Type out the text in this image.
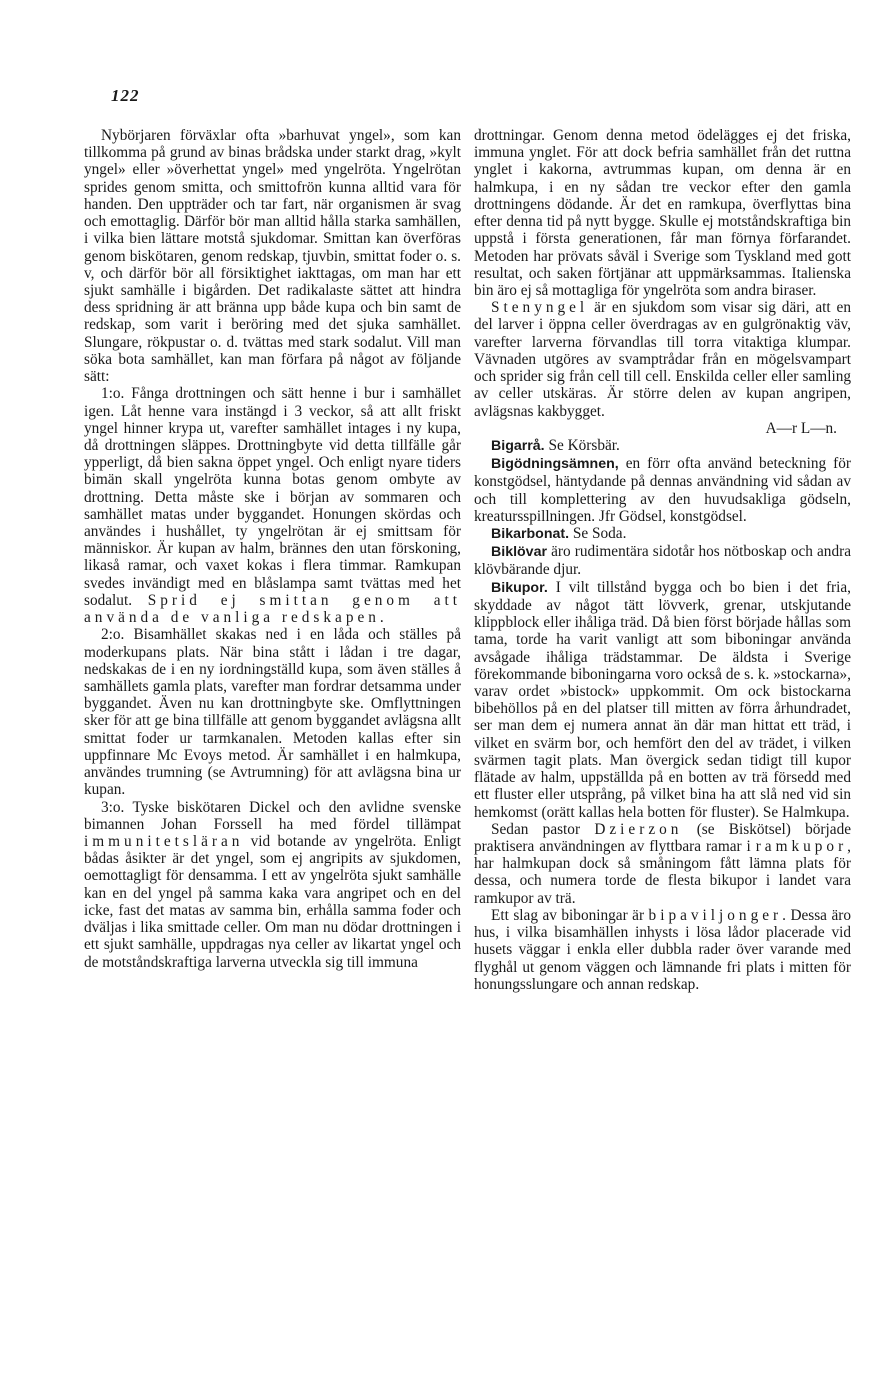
122

Nybörjaren förväxlar ofta »barhuvat yngel», som kan tillkomma på grund av binas brådska under starkt drag, »kylt yngel» eller »överhettat yngel» med yngelröta. Yngelrötan sprides genom smitta, och smittofrön kunna alltid vara för handen. Den uppträder och tar fart, när organismen är svag och emottaglig. Därför bör man alltid hålla starka samhällen, i vilka bien lättare motstå sjukdomar. Smittan kan överföras genom biskötaren, genom redskap, tjuvbin, smittat foder o. s. v, och därför bör all försiktighet iakttagas, om man har ett sjukt samhälle i bigården. Det radikalaste sättet att hindra dess spridning är att bränna upp både kupa och bin samt de redskap, som varit i beröring med det sjuka samhället. Slungare, rökpustar o. d. tvättas med stark sodalut. Vill man söka bota samhället, kan man förfara på något av följande sätt:

1:o. Fånga drottningen och sätt henne i bur i samhället igen. Låt henne vara instängd i 3 veckor, så att allt friskt yngel hinner krypa ut, varefter samhället intages i ny kupa, då drottningen släppes. Drottningbyte vid detta tillfälle går ypperligt, då bien sakna öppet yngel. Och enligt nyare tiders bimän skall yngelröta kunna botas genom ombyte av drottning. Detta måste ske i början av sommaren och samhället matas under byggandet. Honungen skördas och användes i hushållet, ty yngelrötan är ej smittsam för människor. Är kupan av halm, brännes den utan förskoning, likaså ramar, och vaxet kokas i flera timmar. Ramkupan svedes invändigt med en blåslampa samt tvättas med het sodalut. Sprid ej smittan genom att använda de vanliga redskapen.

2:o. Bisamhället skakas ned i en låda och ställes på moderkupans plats. När bina stått i lådan i tre dagar, nedskakas de i en ny iordningställd kupa, som även ställes å samhällets gamla plats, varefter man fordrar detsamma under byggandet. Även nu kan drottningbyte ske. Omflyttningen sker för att ge bina tillfälle att genom byggandet avlägsna allt smittat foder ur tarmkanalen. Metoden kallas efter sin uppfinnare Mc Evoys metod. Är samhället i en halmkupa, användes trumning (se Avtrumning) för att avlägsna bina ur kupan.

3:o. Tyske biskötaren Dickel och den avlidne svenske bimannen Johan Forssell ha med fördel tillämpat immunitetsläran vid botande av yngelröta. Enligt bådas åsikter är det yngel, som ej angripits av sjukdomen, oemottagligt för densamma. I ett av yngelröta sjukt samhälle kan en del yngel på samma kaka vara angripet och en del icke, fast det matas av samma bin, erhålla samma foder och dväljas i lika smittade celler. Om man nu dödar drottningen i ett sjukt samhälle, uppdragas nya celler av likartat yngel och de motståndskraftiga larverna utveckla sig till immuna

drottningar. Genom denna metod ödelägges ej det friska, immuna ynglet. För att dock befria samhället från det ruttna ynglet i kakorna, avtrummas kupan, om denna är en halmkupa, i en ny sådan tre veckor efter den gamla drottningens dödande. Är det en ramkupa, överflyttas bina efter denna tid på nytt bygge. Skulle ej motståndskraftiga bin uppstå i första generationen, får man förnya förfarandet. Metoden har prövats såväl i Sverige som Tyskland med gott resultat, och saken förtjänar att uppmärksammas. Italienska bin äro ej så mottagliga för yngelröta som andra biraser.

Stenyngel är en sjukdom som visar sig däri, att en del larver i öppna celler överdragas av en gulgrönaktig väv, varefter larverna förvandlas till torra vitaktiga klumpar. Vävnaden utgöres av svamptrådar från en mögelsvampart och sprider sig från cell till cell. Enskilda celler eller samling av celler utskäras. Är större delen av kupan angripen, avlägsnas kakbygget.
A—r L—n.

Bigarrå. Se Körsbär.

Bigödningsämnen, en förr ofta använd beteckning för konstgödsel, häntydande på dennas användning vid sådan av och till komplettering av den huvudsakliga gödseln, kreatursspillningen. Jfr Gödsel, konstgödsel.

Bikarbonat. Se Soda.

Biklövar äro rudimentära sidotår hos nötboskap och andra klövbärande djur.

Bikupor. I vilt tillstånd bygga och bo bien i det fria, skyddade av något tätt lövverk, grenar, utskjutande klippblock eller ihåliga träd. Då bien först började hållas som tama, torde ha varit vanligt att som biboningar använda avsågade ihåliga trädstammar. De äldsta i Sverige förekommande biboningarna voro också de s. k. »stockarna», varav ordet »bistock» uppkommit. Om ock bistockarna bibehöllos på en del platser till mitten av förra århundradet, ser man dem ej numera annat än där man hittat ett träd, i vilket en svärm bor, och hemfört den del av trädet, i vilken svärmen tagit plats. Man övergick sedan tidigt till kupor flätade av halm, uppställda på en botten av trä försedd med ett fluster eller utsprång, på vilket bina ha att slå ned vid sin hemkomst (orätt kallas hela botten för fluster). Se Halmkupa.

Sedan pastor Dzierzon (se Biskötsel) började praktisera användningen av flyttbara ramar i ramkupor, har halmkupan dock så småningom fått lämna plats för dessa, och numera torde de flesta bikupor i landet vara ramkupor av trä.

Ett slag av biboningar är bipaviljonger. Dessa äro hus, i vilka bisamhällen inhysts i lösa lådor placerade vid husets väggar i enkla eller dubbla rader över varande med flyghål ut genom väggen och lämnande fri plats i mitten för honungsslungare och annan redskap.
